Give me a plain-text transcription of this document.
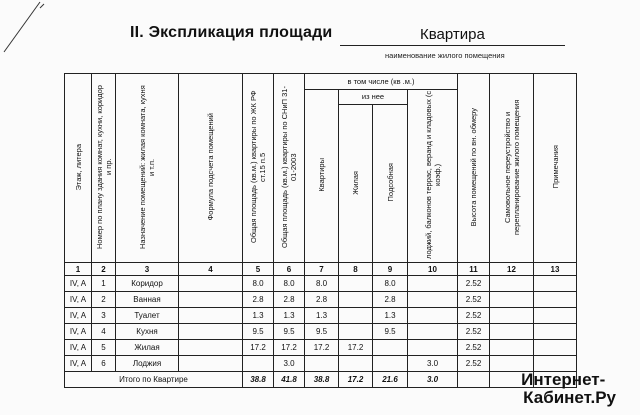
II. Экспликация площади	Квартира
наименование жилого помещения
Этаж, литера	Номер по плану здания комнат, кухни, коридор и пр.	Назначение помещений: жилая комната, кухня и т.п.	Формула подсчета помещений	Общая площадь (кв.м.) квартиры по ЖК РФ ст.15 п.5	Общая площадь (кв.м.) квартиры по СНиП 31-01-2003	в том числе (кв .м.)				Высота помещений по вн. обмеру	Самовольное переустройство и перепланирование жилого помещения	Примечания
						Квартиры	из нее		лоджий, балконов террас, веранд и кладовых (с коэф.)			
							Жилая	Подсобная				
1	2	3	4	5	6	7	8	9	10	11	12	13
IV, A	1	Коридор		8.0	8.0	8.0		8.0		2.52		
IV, A	2	Ванная		2.8	2.8	2.8		2.8		2.52		
IV, A	3	Туалет		1.3	1.3	1.3		1.3		2.52		
IV, A	4	Кухня		9.5	9.5	9.5		9.5		2.52		
IV, A	5	Жилая		17.2	17.2	17.2	17.2			2.52		
IV, A	6	Лоджия			3.0				3.0	2.52		
Итого по Квартире				38.8	41.8	38.8	17.2	21.6	3.0				Интернет-
Кабинет.Ру
